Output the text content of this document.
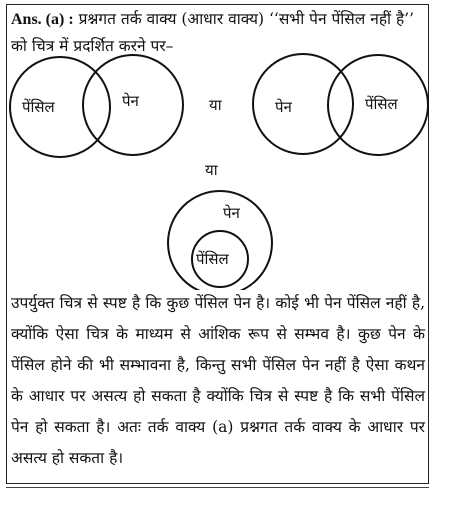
Ans. (a) : प्रश्नगत तर्क वाक्य (आधार वाक्य) ‘‘सभी पेन पेंसिल नहीं है’’ को चित्र में प्रदर्शित करने पर–
पेंसिल	पेन	या	पेन	पेंसिल
या
पेन
पेंसिल
उपर्युक्त चित्र से स्पष्ट है कि कुछ पेंसिल पेन है। कोई भी पेन पेंसिल नहीं है, क्योंकि ऐसा चित्र के माध्यम से आंशिक रूप से सम्भव है। कुछ पेन के पेंसिल होने की भी सम्भावना है, किन्तु सभी पेंसिल पेन नहीं है ऐसा कथन के आधार पर असत्य हो सकता है क्योंकि चित्र से स्पष्ट है कि सभी पेंसिल पेन हो सकता है। अतः तर्क वाक्य (a) प्रश्नगत तर्क वाक्य के आधार पर असत्य हो सकता है।
